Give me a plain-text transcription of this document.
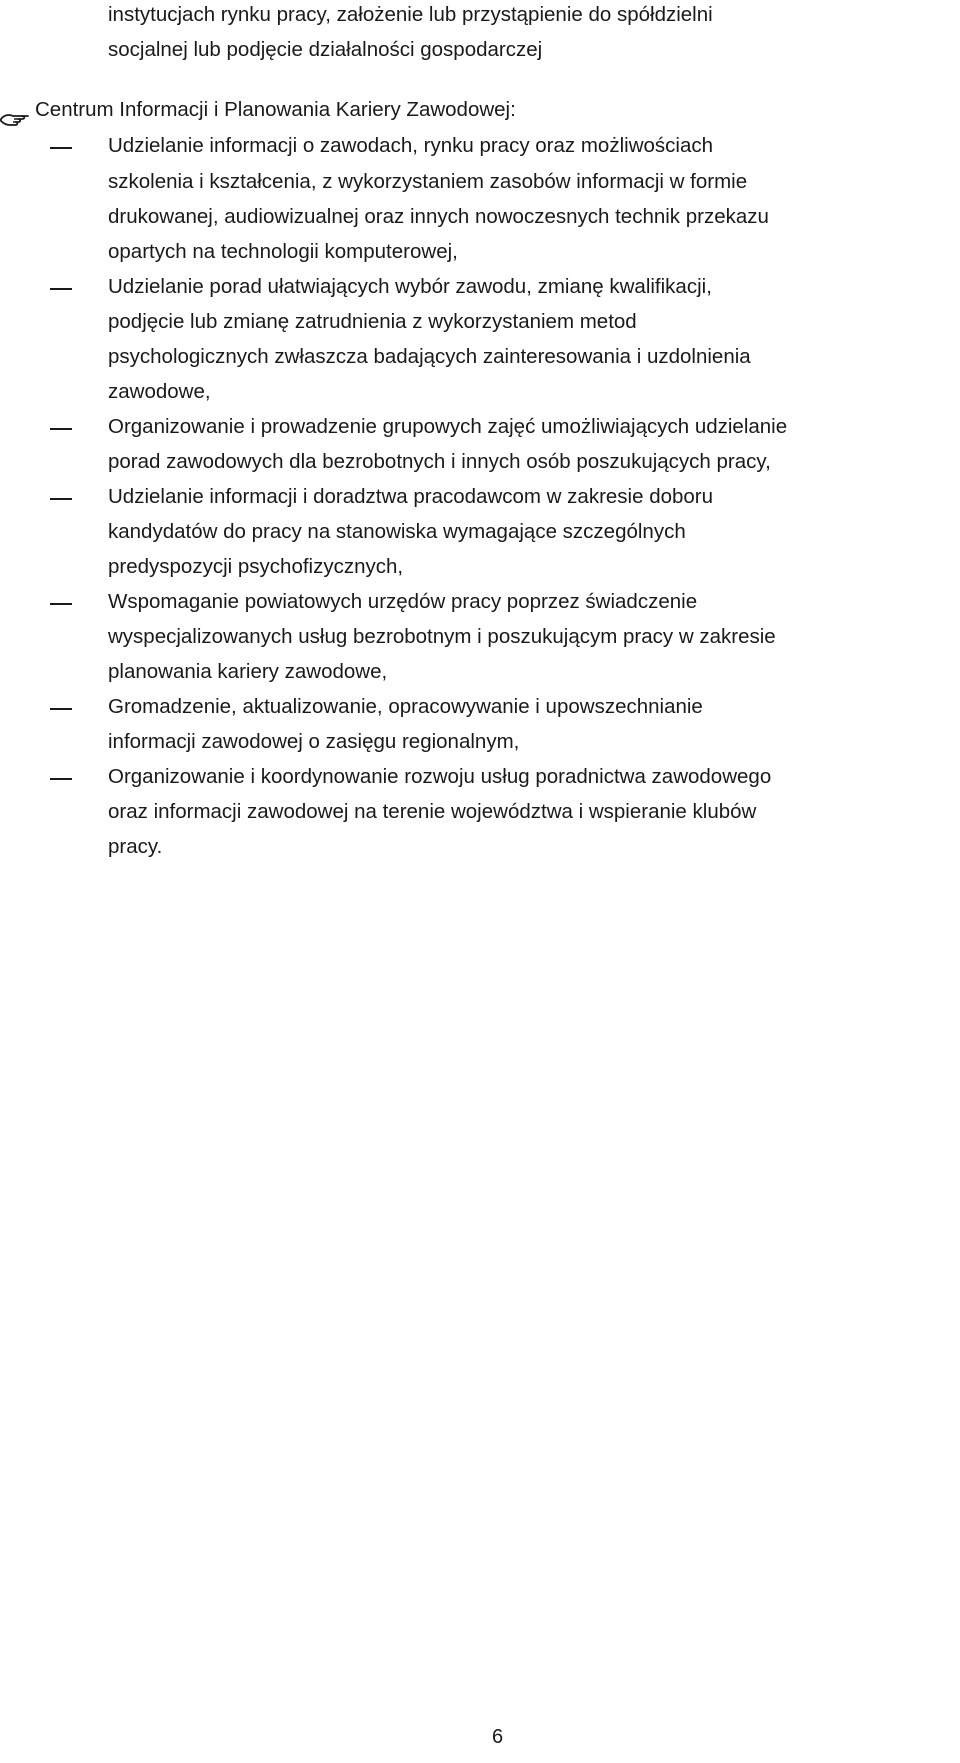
instytucjach rynku pracy, założenie lub przystąpienie do spółdzielni
socjalnej lub podjęcie działalności gospodarczej
Centrum Informacji i Planowania Kariery Zawodowej:
Udzielanie informacji o zawodach, rynku pracy oraz możliwościach
szkolenia i kształcenia, z wykorzystaniem zasobów informacji w formie
drukowanej, audiowizualnej oraz innych nowoczesnych technik przekazu
opartych na technologii komputerowej,
Udzielanie porad ułatwiających wybór zawodu, zmianę kwalifikacji,
podjęcie lub zmianę zatrudnienia z wykorzystaniem metod
psychologicznych zwłaszcza badających zainteresowania i uzdolnienia
zawodowe,
Organizowanie i prowadzenie grupowych zajęć umożliwiających udzielanie
porad zawodowych dla bezrobotnych i innych osób poszukujących pracy,
Udzielanie informacji i doradztwa pracodawcom w zakresie doboru
kandydatów do pracy na stanowiska wymagające szczególnych
predyspozycji psychofizycznych,
Wspomaganie powiatowych urzędów pracy poprzez świadczenie
wyspecjalizowanych usług bezrobotnym i poszukującym pracy w zakresie
planowania kariery zawodowe,
Gromadzenie, aktualizowanie, opracowywanie i upowszechnianie
informacji zawodowej o zasięgu regionalnym,
Organizowanie i koordynowanie rozwoju usług poradnictwa zawodowego
oraz informacji zawodowej na terenie województwa i wspieranie klubów
pracy.
6
